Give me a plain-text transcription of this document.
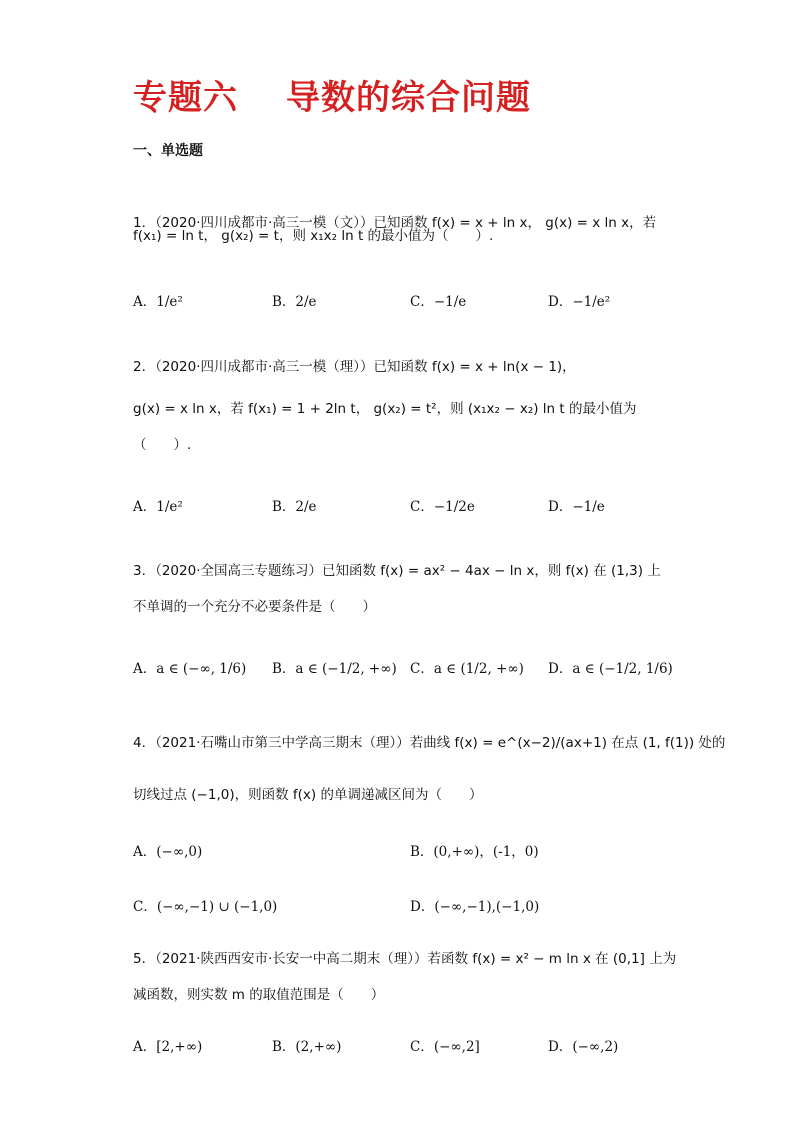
专题六 导数的综合问题
一、单选题
1．（2020·四川成都市·高三一模（文））已知函数 f(x) = x + ln x， g(x) = x ln x，若
f(x₁) = ln t， g(x₂) = t，则 x₁x₂ ln t 的最小值为（　　）.
A．1/e²	B．2/e	C．−1/e	D．−1/e²
2．（2020·四川成都市·高三一模（理））已知函数 f(x) = x + ln(x − 1)，
g(x) = x ln x，若 f(x₁) = 1 + 2ln t， g(x₂) = t²，则 (x₁x₂ − x₂) ln t 的最小值为
（　　）.
A．1/e²	B．2/e	C．−1/2e	D．−1/e
3．（2020·全国高三专题练习）已知函数 f(x) = ax² − 4ax − ln x，则 f(x) 在 (1,3) 上
不单调的一个充分不必要条件是（　　）
A．a ∈ (−∞, 1/6) B．a ∈ (−1/2, +∞) C．a ∈ (1/2, +∞) D．a ∈ (−1/2, 1/6)
4．（2021·石嘴山市第三中学高三期末（理））若曲线 f(x) = e^(x−2)/(ax+1) 在点 (1, f(1)) 处的
切线过点 (−1,0)，则函数 f(x) 的单调递减区间为（　　）
A．(−∞,0)	B．(0,+∞)，(-1，0)
C．(−∞,−1) ∪ (−1,0)	D．(−∞,−1),(−1,0)
5．（2021·陕西西安市·长安一中高二期末（理））若函数 f(x) = x² − m ln x 在 (0,1] 上为
减函数，则实数 m 的取值范围是（　　）
A．[2,+∞)	B．(2,+∞)	C．(−∞,2]	D．(−∞,2)
